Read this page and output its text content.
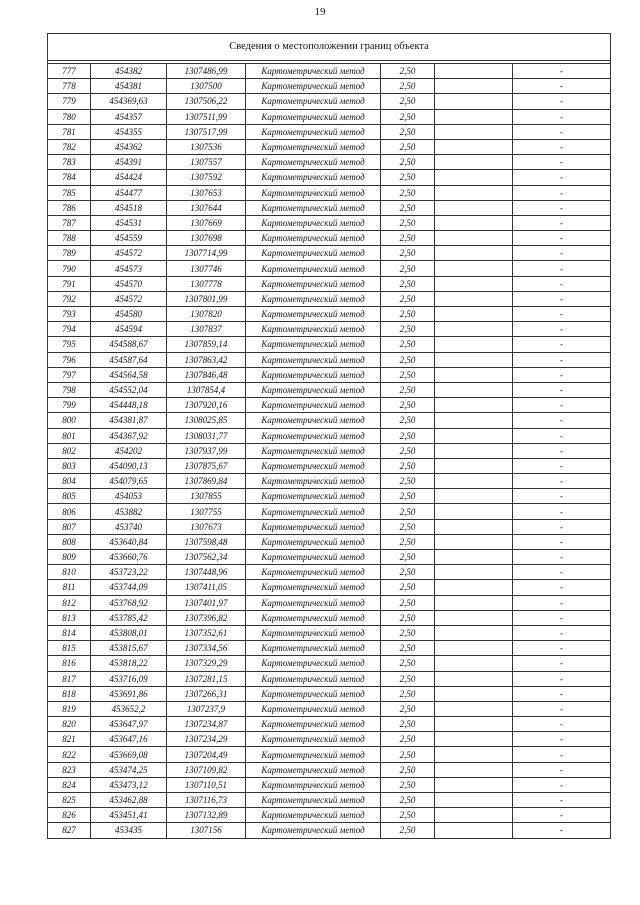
19
Сведения о местоположении границ объекта						

777	454382	1307486,99	Картометрический метод	2,50		-
778	454381	1307500	Картометрический метод	2,50		-
779	454369,63	1307506,22	Картометрический метод	2,50		-
780	454357	1307511,99	Картометрический метод	2,50		-
781	454355	1307517,99	Картометрический метод	2,50		-
782	454362	1307536	Картометрический метод	2,50		-
783	454391	1307557	Картометрический метод	2,50		-
784	454424	1307592	Картометрический метод	2,50		-
785	454477	1307653	Картометрический метод	2,50		-
786	454518	1307644	Картометрический метод	2,50		-
787	454531	1307669	Картометрический метод	2,50		-
788	454559	1307698	Картометрический метод	2,50		-
789	454572	1307714,99	Картометрический метод	2,50		-
790	454573	1307746	Картометрический метод	2,50		-
791	454570	1307778	Картометрический метод	2,50		-
792	454572	1307801,99	Картометрический метод	2,50		-
793	454580	1307820	Картометрический метод	2,50		-
794	454594	1307837	Картометрический метод	2,50		-
795	454588,67	1307859,14	Картометрический метод	2,50		-
796	454587,64	1307863,42	Картометрический метод	2,50		-
797	454564,58	1307846,48	Картометрический метод	2,50		-
798	454552,04	1307854,4	Картометрический метод	2,50		-
799	454448,18	1307920,16	Картометрический метод	2,50		-
800	454381,87	1308025,85	Картометрический метод	2,50		-
801	454367,92	1308031,77	Картометрический метод	2,50		-
802	454202	1307937,99	Картометрический метод	2,50		-
803	454090,13	1307875,67	Картометрический метод	2,50		-
804	454079,65	1307869,84	Картометрический метод	2,50		-
805	454053	1307855	Картометрический метод	2,50		-
806	453882	1307755	Картометрический метод	2,50		-
807	453740	1307673	Картометрический метод	2,50		-
808	453640,84	1307598,48	Картометрический метод	2,50		-
809	453660,76	1307562,34	Картометрический метод	2,50		-
810	453723,22	1307448,96	Картометрический метод	2,50		-
811	453744,09	1307411,05	Картометрический метод	2,50		-
812	453768,92	1307401,97	Картометрический метод	2,50		-
813	453785,42	1307396,82	Картометрический метод	2,50		-
814	453808,01	1307352,61	Картометрический метод	2,50		-
815	453815,67	1307334,56	Картометрический метод	2,50		-
816	453818,22	1307329,29	Картометрический метод	2,50		-
817	453716,09	1307281,15	Картометрический метод	2,50		-
818	453691,86	1307266,31	Картометрический метод	2,50		-
819	453652,2	1307237,9	Картометрический метод	2,50		-
820	453647,97	1307234,87	Картометрический метод	2,50		-
821	453647,16	1307234,29	Картометрический метод	2,50		-
822	453669,08	1307204,49	Картометрический метод	2,50		-
823	453474,25	1307109,82	Картометрический метод	2,50		-
824	453473,12	1307110,51	Картометрический метод	2,50		-
825	453462,88	1307116,73	Картометрический метод	2,50		-
826	453451,41	1307132,89	Картометрический метод	2,50		-
827	453435	1307156	Картометрический метод	2,50		-
